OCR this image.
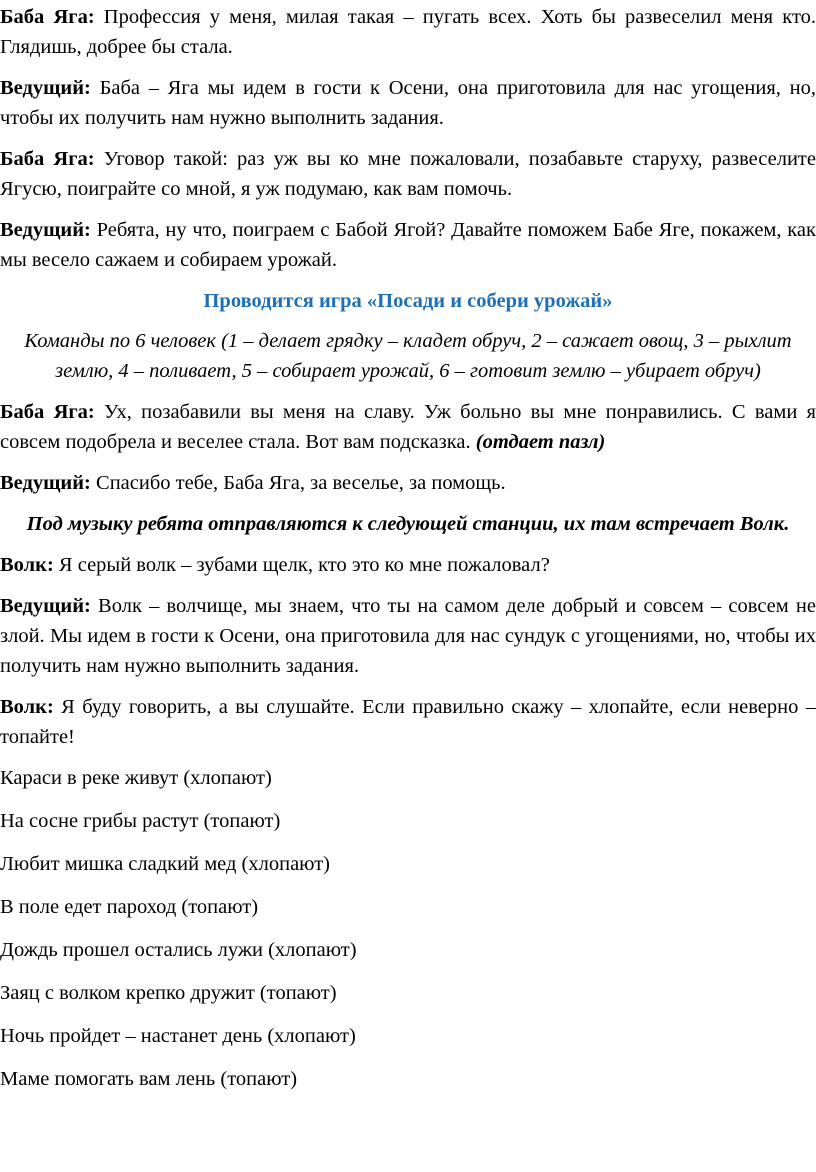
Баба Яга: Профессия у меня, милая такая – пугать всех. Хоть бы развеселил меня кто. Глядишь, добрее бы стала.

Ведущий: Баба – Яга мы идем в гости к Осени, она приготовила для нас угощения, но, чтобы их получить нам нужно выполнить задания.

Баба Яга: Уговор такой: раз уж вы ко мне пожаловали, позабавьте старуху, развеселите Ягусю, поиграйте со мной, я уж подумаю, как вам помочь.

Ведущий: Ребята, ну что, поиграем с Бабой Ягой? Давайте поможем Бабе Яге, покажем, как мы весело сажаем и собираем урожай.

Проводится игра «Посади и собери урожай»

Команды по 6 человек (1 – делает грядку – кладет обруч, 2 – сажает овощ, 3 – рыхлит землю, 4 – поливает, 5 – собирает урожай, 6 – готовит землю – убирает обруч)

Баба Яга: Ух, позабавили вы меня на славу. Уж больно вы мне понравились. С вами я совсем подобрела и веселее стала. Вот вам подсказка. (отдает пазл)

Ведущий: Спасибо тебе, Баба Яга, за веселье, за помощь.

Под музыку ребята отправляются к следующей станции, их там встречает Волк.

Волк: Я серый волк – зубами щелк, кто это ко мне пожаловал?

Ведущий: Волк – волчище, мы знаем, что ты на самом деле добрый и совсем – совсем не злой. Мы идем в гости к Осени, она приготовила для нас сундук с угощениями, но, чтобы их получить нам нужно выполнить задания.

Волк: Я буду говорить, а вы слушайте. Если правильно скажу – хлопайте, если неверно – топайте!

Караси в реке живут (хлопают)

На сосне грибы растут (топают)

Любит мишка сладкий мед (хлопают)

В поле едет пароход (топают)

Дождь прошел остались лужи (хлопают)

Заяц с волком крепко дружит (топают)

Ночь пройдет – настанет день (хлопают)

Маме помогать вам лень (топают)
